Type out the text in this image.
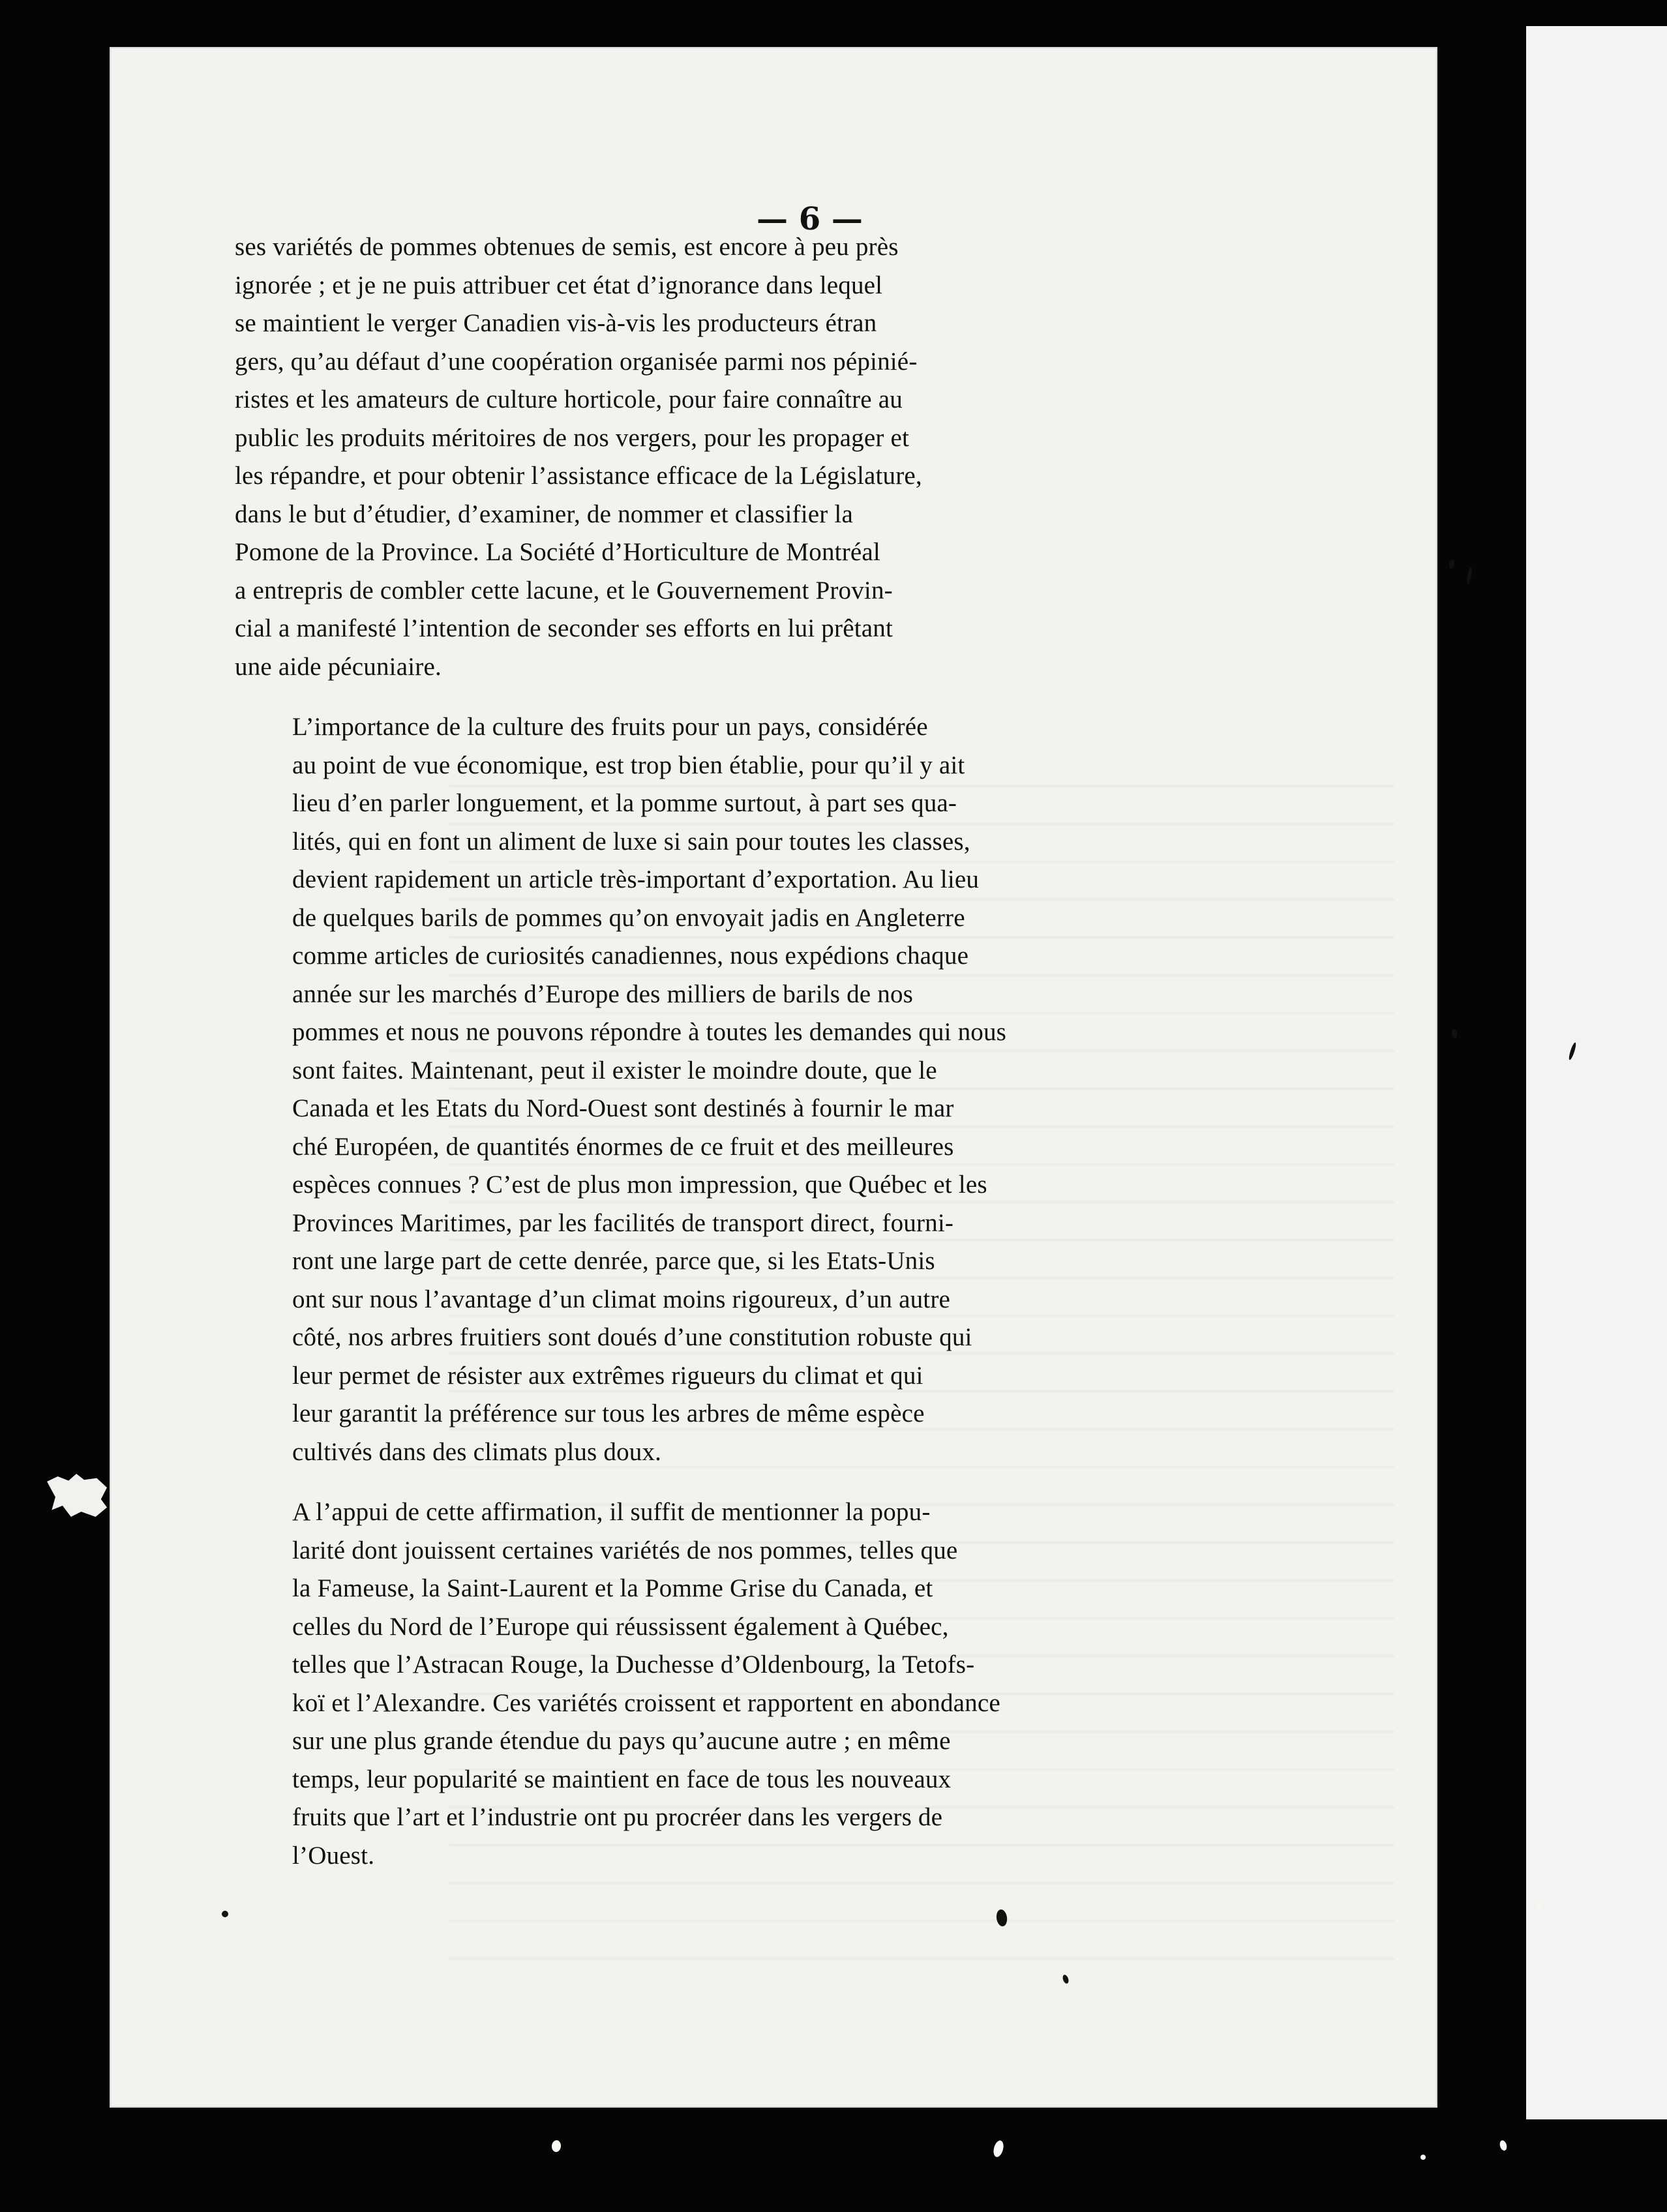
— 6 —

ses variétés de pommes obtenues de semis, est encore à peu près
ignorée ; et je ne puis attribuer cet état d’ignorance dans lequel
se maintient le verger Canadien vis-à-vis les producteurs étran
gers, qu’au défaut d’une coopération organisée parmi nos pépinié-
ristes et les amateurs de culture horticole, pour faire connaître au
public les produits méritoires de nos vergers, pour les propager et
les répandre, et pour obtenir l’assistance efficace de la Législature,
dans le but d’étudier, d’examiner, de nommer et classifier la
Pomone de la Province. La Société d’Horticulture de Montréal
a entrepris de combler cette lacune, et le Gouvernement Provin-
cial a manifesté l’intention de seconder ses efforts en lui prêtant
une aide pécuniaire.

L’importance de la culture des fruits pour un pays, considérée
au point de vue économique, est trop bien établie, pour qu’il y ait
lieu d’en parler longuement, et la pomme surtout, à part ses qua-
lités, qui en font un aliment de luxe si sain pour toutes les classes,
devient rapidement un article très-important d’exportation. Au lieu
de quelques barils de pommes qu’on envoyait jadis en Angleterre
comme articles de curiosités canadiennes, nous expédions chaque
année sur les marchés d’Europe des milliers de barils de nos
pommes et nous ne pouvons répondre à toutes les demandes qui nous
sont faites. Maintenant, peut il exister le moindre doute, que le
Canada et les Etats du Nord-Ouest sont destinés à fournir le mar
ché Européen, de quantités énormes de ce fruit et des meilleures
espèces connues ? C’est de plus mon impression, que Québec et les
Provinces Maritimes, par les facilités de transport direct, fourni-
ront une large part de cette denrée, parce que, si les Etats-Unis
ont sur nous l’avantage d’un climat moins rigoureux, d’un autre
côté, nos arbres fruitiers sont doués d’une constitution robuste qui
leur permet de résister aux extrêmes rigueurs du climat et qui
leur garantit la préférence sur tous les arbres de même espèce
cultivés dans des climats plus doux.

A l’appui de cette affirmation, il suffit de mentionner la popu-
larité dont jouissent certaines variétés de nos pommes, telles que
la Fameuse, la Saint-Laurent et la Pomme Grise du Canada, et
celles du Nord de l’Europe qui réussissent également à Québec,
telles que l’Astracan Rouge, la Duchesse d’Oldenbourg, la Tetofs-
koï et l’Alexandre. Ces variétés croissent et rapportent en abondance
sur une plus grande étendue du pays qu’aucune autre ; en même
temps, leur popularité se maintient en face de tous les nouveaux
fruits que l’art et l’industrie ont pu procréer dans les vergers de
l’Ouest.
